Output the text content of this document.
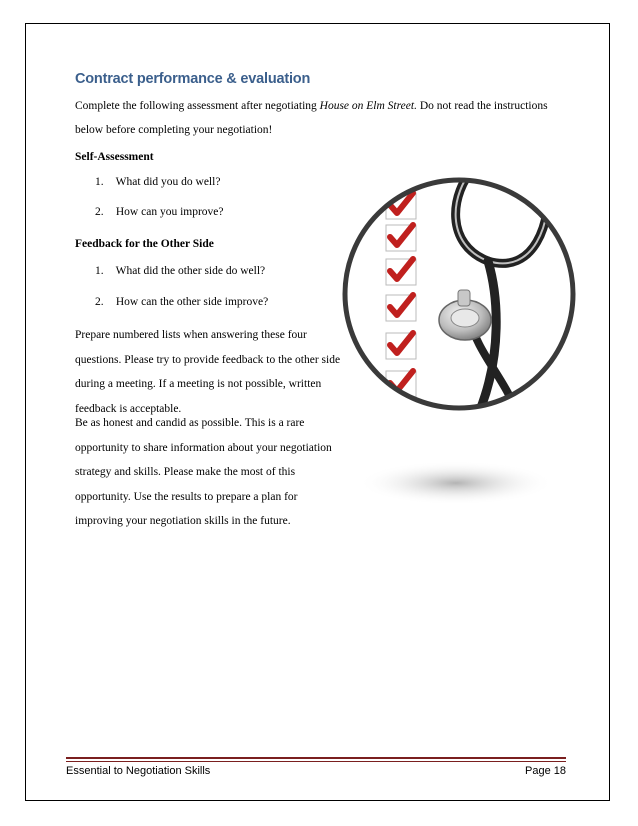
Contract performance & evaluation

Complete the following assessment after negotiating House on Elm Street. Do not read the instructions below before completing your negotiation!

Self-Assessment
1. What did you do well?
2. How can you improve?
Feedback for the Other Side
1. What did the other side do well?
2. How can the other side improve?

Prepare numbered lists when answering these four questions. Please try to provide feedback to the other side during a meeting. If a meeting is not possible, written feedback is acceptable.

Be as honest and candid as possible. This is a rare opportunity to share information about your negotiation strategy and skills. Please make the most of this opportunity. Use the results to prepare a plan for improving your negotiation skills in the future.

Essential to Negotiation Skills	Page 18
